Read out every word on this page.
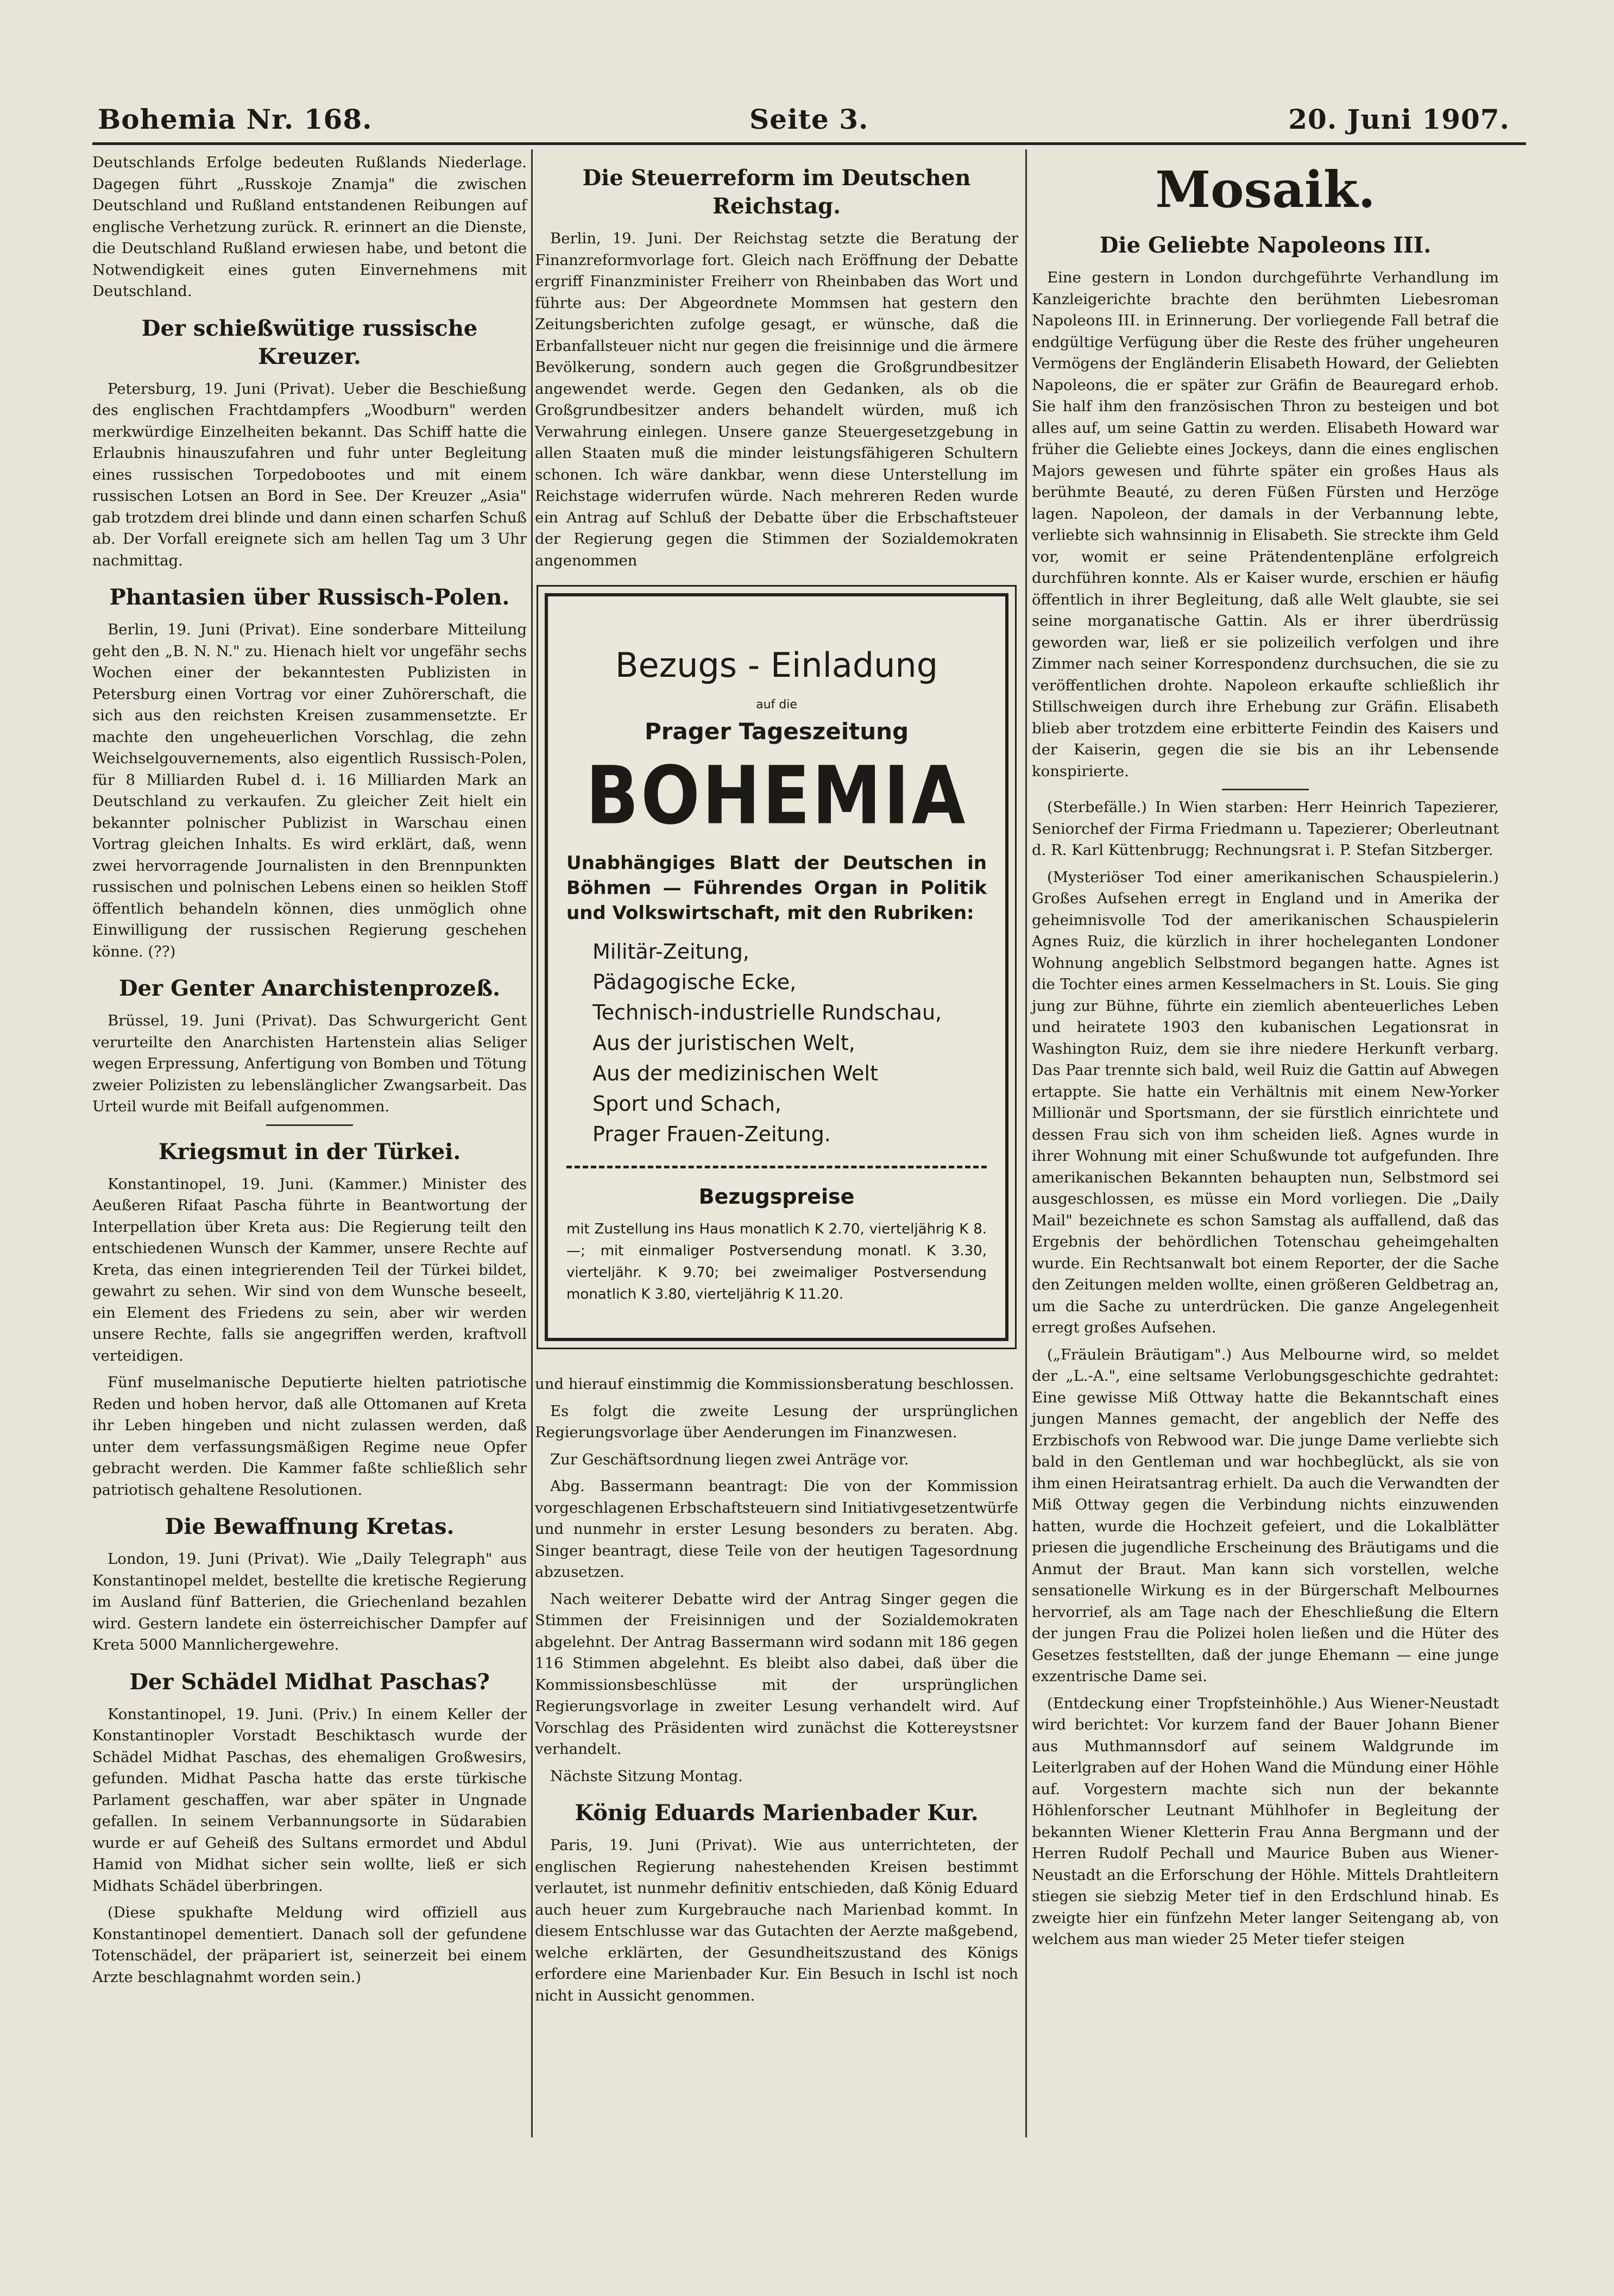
Bohemia Nr. 168.	Seite 3.	20. Juni 1907.

Deutschlands Erfolge bedeuten Rußlands Niederlage. Dagegen führt „Russkoje Znamja" die zwischen Deutschland und Rußland entstandenen Reibungen auf englische Verhetzung zurück. R. erinnert an die Dienste, die Deutschland Rußland erwiesen habe, und betont die Notwendigkeit eines guten Einvernehmens mit Deutschland.

Der schießwütige russische Kreuzer.

Petersburg, 19. Juni (Privat). Ueber die Beschießung des englischen Frachtdampfers „Woodburn" werden merkwürdige Einzelheiten bekannt. Das Schiff hatte die Erlaubnis hinauszufahren und fuhr unter Begleitung eines russischen Torpedobootes und mit einem russischen Lotsen an Bord in See. Der Kreuzer „Asia" gab trotzdem drei blinde und dann einen scharfen Schuß ab. Der Vorfall ereignete sich am hellen Tag um 3 Uhr nachmittag.

Phantasien über Russisch-Polen.

Berlin, 19. Juni (Privat). Eine sonderbare Mitteilung geht den „B. N. N." zu. Hienach hielt vor ungefähr sechs Wochen einer der bekanntesten Publizisten in Petersburg einen Vortrag vor einer Zuhörerschaft, die sich aus den reichsten Kreisen zusammensetzte. Er machte den ungeheuerlichen Vorschlag, die zehn Weichselgouvernements, also eigentlich Russisch-Polen, für 8 Milliarden Rubel d. i. 16 Milliarden Mark an Deutschland zu verkaufen. Zu gleicher Zeit hielt ein bekannter polnischer Publizist in Warschau einen Vortrag gleichen Inhalts. Es wird erklärt, daß, wenn zwei hervorragende Journalisten in den Brennpunkten russischen und polnischen Lebens einen so heiklen Stoff öffentlich behandeln können, dies unmöglich ohne Einwilligung der russischen Regierung geschehen könne. (??)

Der Genter Anarchistenprozeß.

Brüssel, 19. Juni (Privat). Das Schwurgericht Gent verurteilte den Anarchisten Hartenstein alias Seliger wegen Erpressung, Anfertigung von Bomben und Tötung zweier Polizisten zu lebenslänglicher Zwangsarbeit. Das Urteil wurde mit Beifall aufgenommen.

Kriegsmut in der Türkei.

Konstantinopel, 19. Juni. (Kammer.) Minister des Aeußeren Rifaat Pascha führte in Beantwortung der Interpellation über Kreta aus: Die Regierung teilt den entschiedenen Wunsch der Kammer, unsere Rechte auf Kreta, das einen integrierenden Teil der Türkei bildet, gewahrt zu sehen. Wir sind von dem Wunsche beseelt, ein Element des Friedens zu sein, aber wir werden unsere Rechte, falls sie angegriffen werden, kraftvoll verteidigen.

Fünf muselmanische Deputierte hielten patriotische Reden und hoben hervor, daß alle Ottomanen auf Kreta ihr Leben hingeben und nicht zulassen werden, daß unter dem verfassungsmäßigen Regime neue Opfer gebracht werden. Die Kammer faßte schließlich sehr patriotisch gehaltene Resolutionen.

Die Bewaffnung Kretas.

London, 19. Juni (Privat). Wie „Daily Telegraph" aus Konstantinopel meldet, bestellte die kretische Regierung im Ausland fünf Batterien, die Griechenland bezahlen wird. Gestern landete ein österreichischer Dampfer auf Kreta 5000 Mannlichergewehre.

Der Schädel Midhat Paschas?

Konstantinopel, 19. Juni. (Priv.) In einem Keller der Konstantinopler Vorstadt Beschiktasch wurde der Schädel Midhat Paschas, des ehemaligen Großwesirs, gefunden. Midhat Pascha hatte das erste türkische Parlament geschaffen, war aber später in Ungnade gefallen. In seinem Verbannungsorte in Südarabien wurde er auf Geheiß des Sultans ermordet und Abdul Hamid von Midhat sicher sein wollte, ließ er sich Midhats Schädel überbringen.

(Diese spukhafte Meldung wird offiziell aus Konstantinopel dementiert. Danach soll der gefundene Totenschädel, der präpariert ist, seinerzeit bei einem Arzte beschlagnahmt worden sein.)

Die Steuerreform im Deutschen Reichstag.

Berlin, 19. Juni. Der Reichstag setzte die Beratung der Finanzreformvorlage fort. Gleich nach Eröffnung der Debatte ergriff Finanzminister Freiherr von Rheinbaben das Wort und führte aus: Der Abgeordnete Mommsen hat gestern den Zeitungsberichten zufolge gesagt, er wünsche, daß die Erbanfallsteuer nicht nur gegen die freisinnige und die ärmere Bevölkerung, sondern auch gegen die Großgrundbesitzer angewendet werde. Gegen den Gedanken, als ob die Großgrundbesitzer anders behandelt würden, muß ich Verwahrung einlegen. Unsere ganze Steuergesetzgebung in allen Staaten muß die minder leistungsfähigeren Schultern schonen. Ich wäre dankbar, wenn diese Unterstellung im Reichstage widerrufen würde. Nach mehreren Reden wurde ein Antrag auf Schluß der Debatte über die Erbschaftsteuer der Regierung gegen die Stimmen der Sozialdemokraten angenommen

Bezugs - Einladung
auf die
Prager Tageszeitung
BOHEMIA
Unabhängiges Blatt der Deutschen in Böhmen — Führendes Organ in Politik und Volkswirtschaft, mit den Rubriken:
Militär-Zeitung,
Pädagogische Ecke,
Technisch-industrielle Rundschau,
Aus der juristischen Welt,
Aus der medizinischen Welt
Sport und Schach,
Prager Frauen-Zeitung.
Bezugspreise

mit Zustellung ins Haus monatlich K 2.70, vierteljährig K 8.—; mit einmaliger Postversendung monatl. K 3.30, vierteljähr. K 9.70; bei zweimaliger Postversendung monatlich K 3.80, vierteljährig K 11.20.

und hierauf einstimmig die Kommissionsberatung beschlossen.

Es folgt die zweite Lesung der ursprünglichen Regierungsvorlage über Aenderungen im Finanzwesen.

Zur Geschäftsordnung liegen zwei Anträge vor.

Abg. Bassermann beantragt: Die von der Kommission vorgeschlagenen Erbschaftsteuern sind Initiativgesetzentwürfe und nunmehr in erster Lesung besonders zu beraten. Abg. Singer beantragt, diese Teile von der heutigen Tagesordnung abzusetzen.

Nach weiterer Debatte wird der Antrag Singer gegen die Stimmen der Freisinnigen und der Sozialdemokraten abgelehnt. Der Antrag Bassermann wird sodann mit 186 gegen 116 Stimmen abgelehnt. Es bleibt also dabei, daß über die Kommissionsbeschlüsse mit der ursprünglichen Regierungsvorlage in zweiter Lesung verhandelt wird. Auf Vorschlag des Präsidenten wird zunächst die Kottereystsner verhandelt.

Nächste Sitzung Montag.

König Eduards Marienbader Kur.

Paris, 19. Juni (Privat). Wie aus unterrichteten, der englischen Regierung nahestehenden Kreisen bestimmt verlautet, ist nunmehr definitiv entschieden, daß König Eduard auch heuer zum Kurgebrauche nach Marienbad kommt. In diesem Entschlusse war das Gutachten der Aerzte maßgebend, welche erklärten, der Gesundheitszustand des Königs erfordere eine Marienbader Kur. Ein Besuch in Ischl ist noch nicht in Aussicht genommen.

Mosaik.
Die Geliebte Napoleons III.

Eine gestern in London durchgeführte Verhandlung im Kanzleigerichte brachte den berühmten Liebesroman Napoleons III. in Erinnerung. Der vorliegende Fall betraf die endgültige Verfügung über die Reste des früher ungeheuren Vermögens der Engländerin Elisabeth Howard, der Geliebten Napoleons, die er später zur Gräfin de Beauregard erhob. Sie half ihm den französischen Thron zu besteigen und bot alles auf, um seine Gattin zu werden. Elisabeth Howard war früher die Geliebte eines Jockeys, dann die eines englischen Majors gewesen und führte später ein großes Haus als berühmte Beauté, zu deren Füßen Fürsten und Herzöge lagen. Napoleon, der damals in der Verbannung lebte, verliebte sich wahnsinnig in Elisabeth. Sie streckte ihm Geld vor, womit er seine Prätendentenpläne erfolgreich durchführen konnte. Als er Kaiser wurde, erschien er häufig öffentlich in ihrer Begleitung, daß alle Welt glaubte, sie sei seine morganatische Gattin. Als er ihrer überdrüssig geworden war, ließ er sie polizeilich verfolgen und ihre Zimmer nach seiner Korrespondenz durchsuchen, die sie zu veröffentlichen drohte. Napoleon erkaufte schließlich ihr Stillschweigen durch ihre Erhebung zur Gräfin. Elisabeth blieb aber trotzdem eine erbitterte Feindin des Kaisers und der Kaiserin, gegen die sie bis an ihr Lebensende konspirierte.

(Sterbefälle.) In Wien starben: Herr Heinrich Tapezierer, Seniorchef der Firma Friedmann u. Tapezierer; Oberleutnant d. R. Karl Küttenbrugg; Rechnungsrat i. P. Stefan Sitzberger.

(Mysteriöser Tod einer amerikanischen Schauspielerin.) Großes Aufsehen erregt in England und in Amerika der geheimnisvolle Tod der amerikanischen Schauspielerin Agnes Ruiz, die kürzlich in ihrer hocheleganten Londoner Wohnung angeblich Selbstmord begangen hatte. Agnes ist die Tochter eines armen Kesselmachers in St. Louis. Sie ging jung zur Bühne, führte ein ziemlich abenteuerliches Leben und heiratete 1903 den kubanischen Legationsrat in Washington Ruiz, dem sie ihre niedere Herkunft verbarg. Das Paar trennte sich bald, weil Ruiz die Gattin auf Abwegen ertappte. Sie hatte ein Verhältnis mit einem New-Yorker Millionär und Sportsmann, der sie fürstlich einrichtete und dessen Frau sich von ihm scheiden ließ. Agnes wurde in ihrer Wohnung mit einer Schußwunde tot aufgefunden. Ihre amerikanischen Bekannten behaupten nun, Selbstmord sei ausgeschlossen, es müsse ein Mord vorliegen. Die „Daily Mail" bezeichnete es schon Samstag als auffallend, daß das Ergebnis der behördlichen Totenschau geheimgehalten wurde. Ein Rechtsanwalt bot einem Reporter, der die Sache den Zeitungen melden wollte, einen größeren Geldbetrag an, um die Sache zu unterdrücken. Die ganze Angelegenheit erregt großes Aufsehen.

(„Fräulein Bräutigam".) Aus Melbourne wird, so meldet der „L.-A.", eine seltsame Verlobungsgeschichte gedrahtet: Eine gewisse Miß Ottway hatte die Bekanntschaft eines jungen Mannes gemacht, der angeblich der Neffe des Erzbischofs von Rebwood war. Die junge Dame verliebte sich bald in den Gentleman und war hochbeglückt, als sie von ihm einen Heiratsantrag erhielt. Da auch die Verwandten der Miß Ottway gegen die Verbindung nichts einzuwenden hatten, wurde die Hochzeit gefeiert, und die Lokalblätter priesen die jugendliche Erscheinung des Bräutigams und die Anmut der Braut. Man kann sich vorstellen, welche sensationelle Wirkung es in der Bürgerschaft Melbournes hervorrief, als am Tage nach der Eheschließung die Eltern der jungen Frau die Polizei holen ließen und die Hüter des Gesetzes feststellten, daß der junge Ehemann — eine junge exzentrische Dame sei.

(Entdeckung einer Tropfsteinhöhle.) Aus Wiener-Neustadt wird berichtet: Vor kurzem fand der Bauer Johann Biener aus Muthmannsdorf auf seinem Waldgrunde im Leiterlgraben auf der Hohen Wand die Mündung einer Höhle auf. Vorgestern machte sich nun der bekannte Höhlenforscher Leutnant Mühlhofer in Begleitung der bekannten Wiener Kletterin Frau Anna Bergmann und der Herren Rudolf Pechall und Maurice Buben aus Wiener-Neustadt an die Erforschung der Höhle. Mittels Drahtleitern stiegen sie siebzig Meter tief in den Erdschlund hinab. Es zweigte hier ein fünfzehn Meter langer Seitengang ab, von welchem aus man wieder 25 Meter tiefer steigen
